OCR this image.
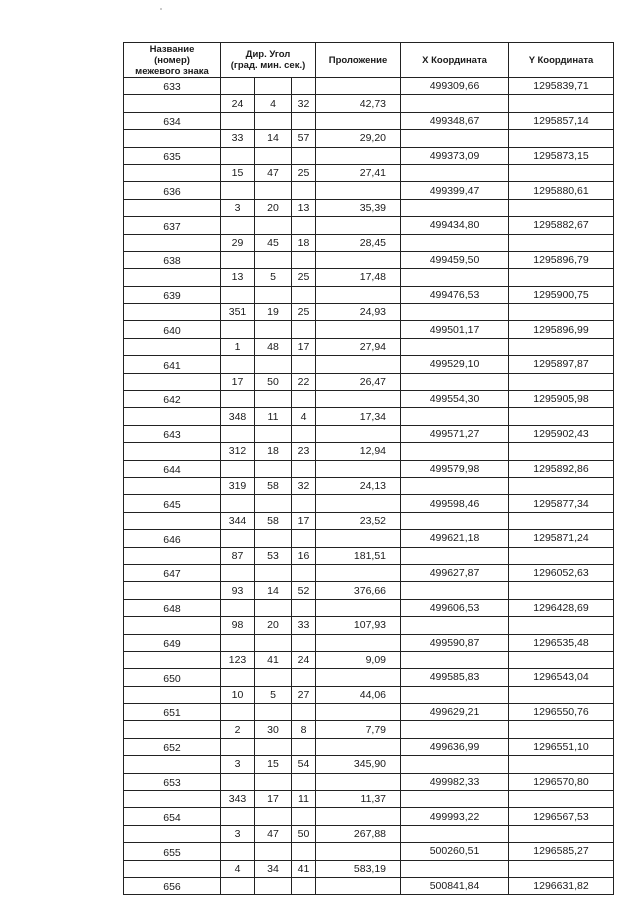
Название
(номер)
межевого знака	Дир. Угол
(град. мин. сек.)			Проложение	X Координата	Y Координата
633					499309,66	1295839,71
	24	4	32	42,73		
634					499348,67	1295857,14
	33	14	57	29,20		
635					499373,09	1295873,15
	15	47	25	27,41		
636					499399,47	1295880,61
	3	20	13	35,39		
637					499434,80	1295882,67
	29	45	18	28,45		
638					499459,50	1295896,79
	13	5	25	17,48		
639					499476,53	1295900,75
	351	19	25	24,93		
640					499501,17	1295896,99
	1	48	17	27,94		
641					499529,10	1295897,87
	17	50	22	26,47		
642					499554,30	1295905,98
	348	11	4	17,34		
643					499571,27	1295902,43
	312	18	23	12,94		
644					499579,98	1295892,86
	319	58	32	24,13		
645					499598,46	1295877,34
	344	58	17	23,52		
646					499621,18	1295871,24
	87	53	16	181,51		
647					499627,87	1296052,63
	93	14	52	376,66		
648					499606,53	1296428,69
	98	20	33	107,93		
649					499590,87	1296535,48
	123	41	24	9,09		
650					499585,83	1296543,04
	10	5	27	44,06		
651					499629,21	1296550,76
	2	30	8	7,79		
652					499636,99	1296551,10
	3	15	54	345,90		
653					499982,33	1296570,80
	343	17	11	11,37		
654					499993,22	1296567,53
	3	47	50	267,88		
655					500260,51	1296585,27
	4	34	41	583,19		
656					500841,84	1296631,82
